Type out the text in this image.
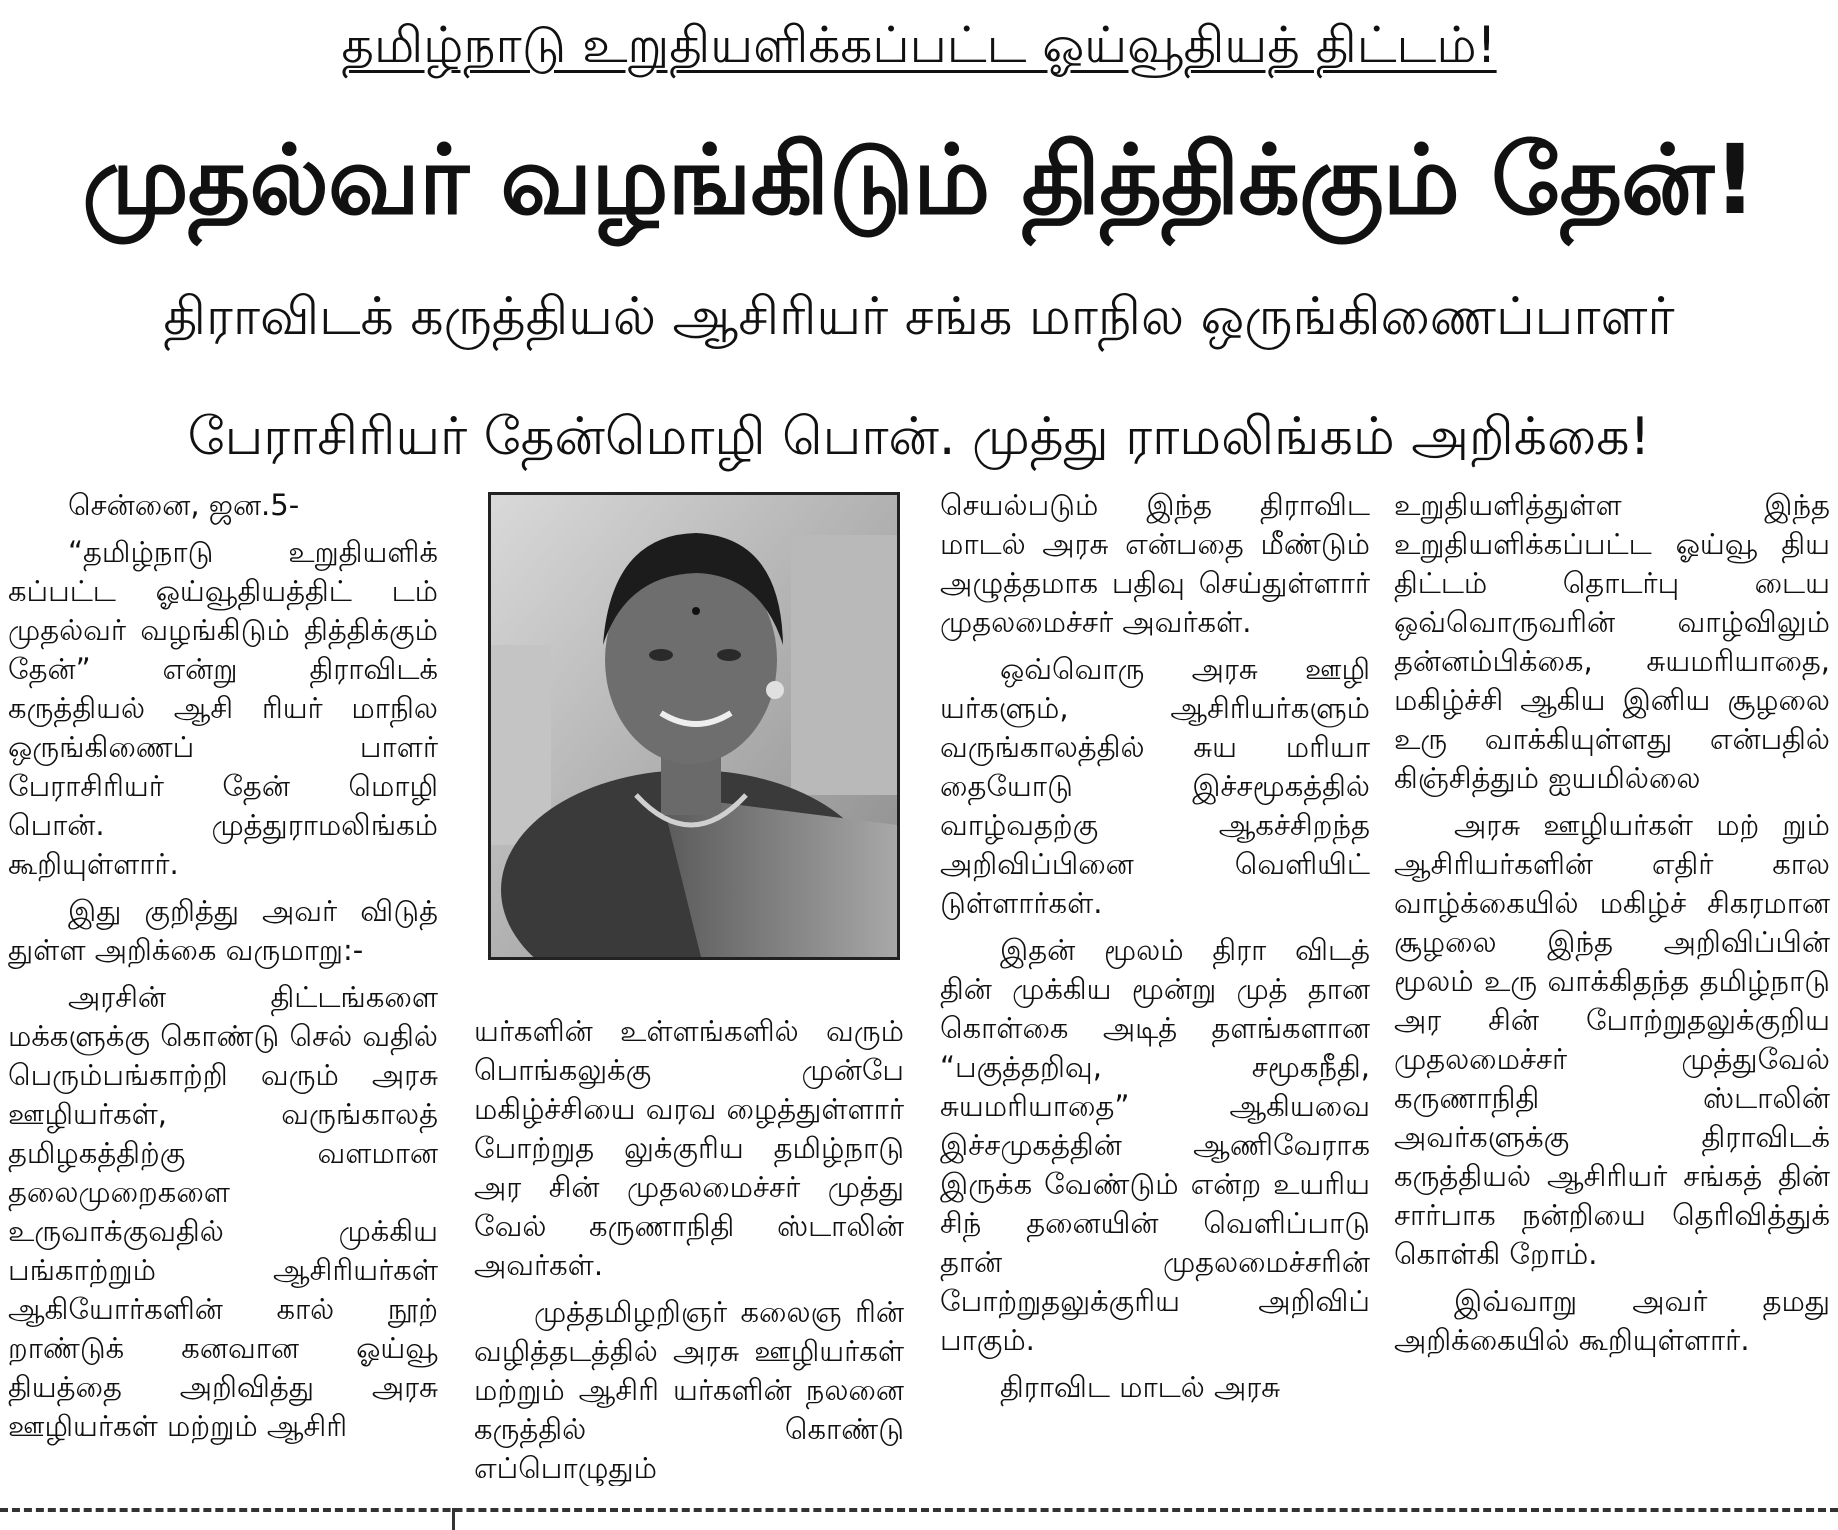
தமிழ்நாடு உறுதியளிக்கப்பட்ட ஓய்வூதியத் திட்டம்!
முதல்வர் வழங்கிடும் தித்திக்கும் தேன்!
திராவிடக் கருத்தியல் ஆசிரியர் சங்க மாநில ஒருங்கிணைப்பாளர்
பேராசிரியர் தேன்மொழி பொன். முத்து ராமலிங்கம் அறிக்கை!

சென்னை, ஜன.5-

“தமிழ்நாடு உறுதியளிக் கப்பட்ட ஓய்வூதியத்திட் டம் முதல்வர் வழங்கிடும் தித்திக்கும் தேன்” என்று திராவிடக் கருத்தியல் ஆசி ரியர் மாநில ஒருங்கிணைப் பாளர் பேராசிரியர் தேன் மொழி பொன். முத்துராமலிங்கம் கூறியுள்ளார்.

இது குறித்து அவர் விடுத் துள்ள அறிக்கை வருமாறு:-

அரசின் திட்டங்களை மக்களுக்கு கொண்டு செல் வதில் பெரும்பங்காற்றி வரும் அரசு ஊழியர்கள், வருங்காலத் தமிழகத்திற்கு வளமான தலைமுறைகளை உருவாக்குவதில் முக்கிய பங்காற்றும் ஆசிரியர்கள் ஆகியோர்களின் கால் நூற் றாண்டுக் கனவான ஓய்வூ தியத்தை அறிவித்து அரசு ஊழியர்கள் மற்றும் ஆசிரி

யர்களின் உள்ளங்களில் வரும் பொங்கலுக்கு முன்பே மகிழ்ச்சியை வரவ ழைத்துள்ளார் போற்றுத லுக்குரிய தமிழ்நாடு அர சின் முதலமைச்சர் முத்து வேல் கருணாநிதி ஸ்டாலின் அவர்கள்.

முத்தமிழறிஞர் கலைஞ ரின் வழித்தடத்தில் அரசு ஊழியர்கள் மற்றும் ஆசிரி யர்களின் நலனை கருத்தில் கொண்டு எப்பொழுதும்

செயல்படும் இந்த திராவிட மாடல் அரசு என்பதை மீண்டும் அழுத்தமாக பதிவு செய்துள்ளார் முதலமைச்சர் அவர்கள்.

ஒவ்வொரு அரசு ஊழி யர்களும், ஆசிரியர்களும் வருங்காலத்தில் சுய மரியா தையோடு இச்சமூகத்தில் வாழ்வதற்கு ஆகச்சிறந்த அறிவிப்பினை வெளியிட் டுள்ளார்கள்.

இதன் மூலம் திரா விடத் தின் முக்கிய மூன்று முத் தான கொள்கை அடித் தளங்களான “பகுத்தறிவு, சமூகநீதி, சுயமரியாதை” ஆகியவை இச்சமுகத்தின் ஆணிவேராக இருக்க வேண்டும் என்ற உயரிய சிந் தனையின் வெளிப்பாடு தான் முதலமைச்சரின் போற்றுதலுக்குரிய அறிவிப் பாகும்.

திராவிட மாடல் அரசு

உறுதியளித்துள்ள இந்த உறுதியளிக்கப்பட்ட ஓய்வூ திய திட்டம் தொடர்பு டைய ஒவ்வொருவரின் வாழ்விலும் தன்னம்பிக்கை, சுயமரியாதை, மகிழ்ச்சி ஆகிய இனிய சூழலை உரு வாக்கியுள்ளது என்பதில் கிஞ்சித்தும் ஐயமில்லை

அரசு ஊழியர்கள் மற் றும் ஆசிரியர்களின் எதிர் கால வாழ்க்கையில் மகிழ்ச் சிகரமான சூழலை இந்த அறிவிப்பின் மூலம் உரு வாக்கிதந்த தமிழ்நாடு அர சின் போற்றுதலுக்குறிய முதலமைச்சர் முத்துவேல் கருணாநிதி ஸ்டாலின் அவர்களுக்கு திராவிடக் கருத்தியல் ஆசிரியர் சங்கத் தின் சார்பாக நன்றியை தெரிவித்துக் கொள்கி றோம்.

இவ்வாறு அவர் தமது அறிக்கையில் கூறியுள்ளார்.
